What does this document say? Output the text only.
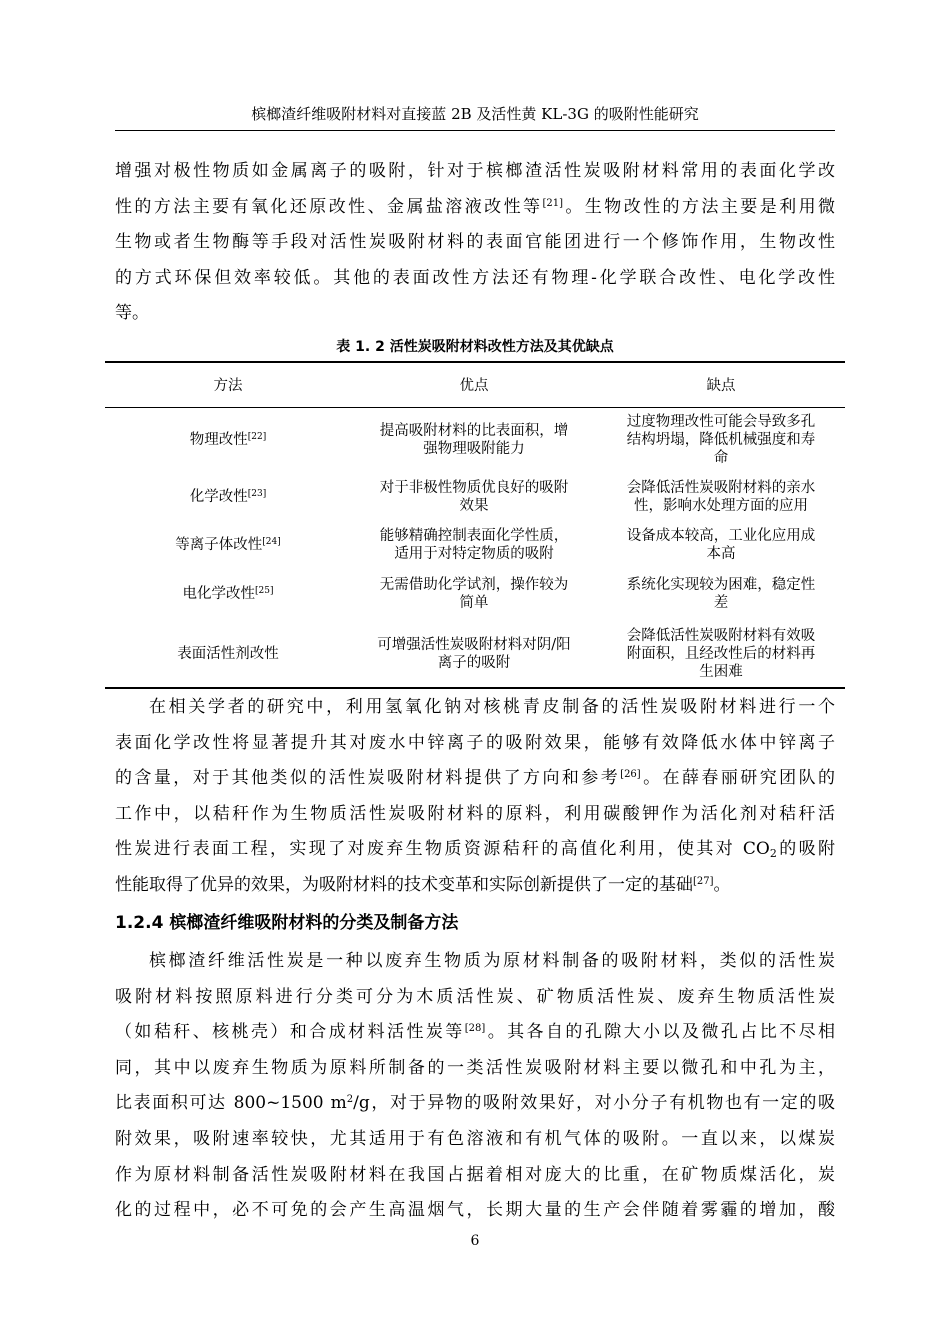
槟榔渣纤维吸附材料对直接蓝 2B 及活性黄 KL-3G 的吸附性能研究

增强对极性物质如金属离子的吸附，针对于槟榔渣活性炭吸附材料常用的表面化学改
性的方法主要有氧化还原改性、金属盐溶液改性等[21]。生物改性的方法主要是利用微
生物或者生物酶等手段对活性炭吸附材料的表面官能团进行一个修饰作用，生物改性
的方式环保但效率较低。其他的表面改性方法还有物理-化学联合改性、电化学改性
等。

表 1. 2 活性炭吸附材料改性方法及其优缺点
方法	优点	缺点
物理改性[22]	提高吸附材料的比表面积，增
强物理吸附能力	过度物理改性可能会导致多孔
结构坍塌，降低机械强度和寿
命
化学改性[23]	对于非极性物质优良好的吸附
效果	会降低活性炭吸附材料的亲水
性，影响水处理方面的应用
等离子体改性[24]	能够精确控制表面化学性质，
适用于对特定物质的吸附	设备成本较高，工业化应用成
本高
电化学改性[25]	无需借助化学试剂，操作较为
简单	系统化实现较为困难，稳定性
差
表面活性剂改性	可增强活性炭吸附材料对阴/阳
离子的吸附	会降低活性炭吸附材料有效吸
附面积，且经改性后的材料再
生困难

在相关学者的研究中，利用氢氧化钠对核桃青皮制备的活性炭吸附材料进行一个
表面化学改性将显著提升其对废水中锌离子的吸附效果，能够有效降低水体中锌离子
的含量，对于其他类似的活性炭吸附材料提供了方向和参考[26]。在薛春丽研究团队的
工作中，以秸秆作为生物质活性炭吸附材料的原料，利用碳酸钾作为活化剂对秸秆活
性炭进行表面工程，实现了对废弃生物质资源秸秆的高值化利用，使其对 $CO_2$的吸附
性能取得了优异的效果，为吸附材料的技术变革和实际创新提供了一定的基础[27]。

1.2.4 槟榔渣纤维吸附材料的分类及制备方法

槟榔渣纤维活性炭是一种以废弃生物质为原材料制备的吸附材料，类似的活性炭
吸附材料按照原料进行分类可分为木质活性炭、矿物质活性炭、废弃生物质活性炭
（如秸秆、核桃壳）和合成材料活性炭等[28]。其各自的孔隙大小以及微孔占比不尽相
同，其中以废弃生物质为原料所制备的一类活性炭吸附材料主要以微孔和中孔为主，
比表面积可达 800~1500 $m^2/g$，对于异物的吸附效果好，对小分子有机物也有一定的吸
附效果，吸附速率较快，尤其适用于有色溶液和有机气体的吸附。一直以来，以煤炭
作为原材料制备活性炭吸附材料在我国占据着相对庞大的比重，在矿物质煤活化，炭
化的过程中，必不可免的会产生高温烟气，长期大量的生产会伴随着雾霾的增加，酸

6
